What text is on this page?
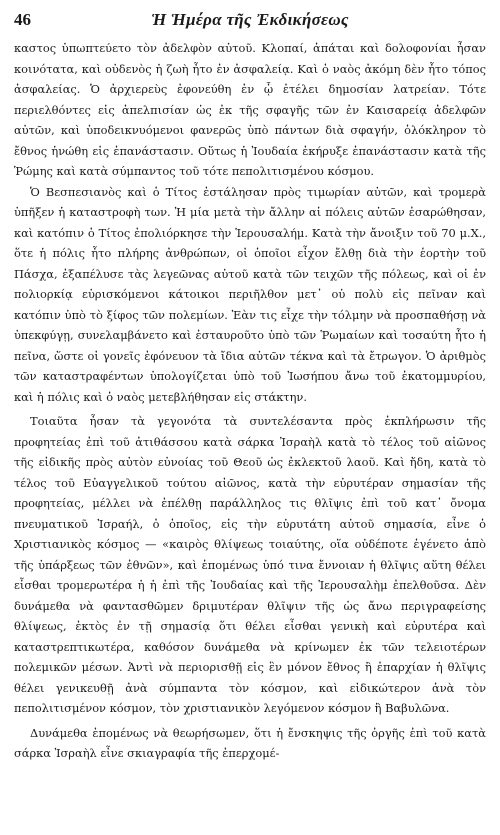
46	Ἡ Ἡμέρα τῆς Ἐκδικήσεως

καστος ὑπωπτεύετο τὸν ἀδελφὸν αὐτοῦ. Κλοπαί, ἀπάται καὶ δολοφονίαι ἦσαν κοινότατα, καὶ οὐδενὸς ἡ ζωὴ ἦτο ἐν ἀσφαλείᾳ. Καὶ ὁ ναὸς ἀκόμη δὲν ἦτο τόπος ἀσφαλείας. Ὁ ἀρχιερεὺς ἐφονεύθη ἐν ᾧ ἐτέλει δημοσίαν λατρείαν. Τότε περιελθόντες εἰς ἀπελπισίαν ὡς ἐκ τῆς σφαγῆς τῶν ἐν Καισαρείᾳ ἀδελφῶν αὐτῶν, καὶ ὑποδεικνυόμενοι φανερῶς ὑπὸ πάντων διὰ σφαγήν, ὁλόκληρον τὸ ἔθνος ἡνώθη εἰς ἐπανάστασιν. Οὕτως ἡ Ἰουδαία ἐκήρυξε ἐπανάστασιν κατὰ τῆς Ῥώμης καὶ κατὰ σύμπαντος τοῦ τότε πεπολιτισμένου κόσμου.

Ὁ Βεσπεσιανὸς καὶ ὁ Τίτος ἐστάλησαν πρὸς τιμωρίαν αὐτῶν, καὶ τρομερὰ ὑπῆξεν ἡ καταστροφὴ των. Ἡ μία μετὰ τὴν ἄλλην αἱ πόλεις αὐτῶν ἐσαρώθησαν, καὶ κατόπιν ὁ Τίτος ἐπολιόρκησε τὴν Ἱερουσαλήμ. Κατὰ τὴν ἄνοιξιν τοῦ 70 μ.Χ., ὅτε ἡ πόλις ἦτο πλήρης ἀνθρώπων, οἱ ὁποῖοι εἶχον ἔλθῃ διὰ τὴν ἑορτὴν τοῦ Πάσχα, ἐξαπέλυσε τὰς λεγεῶνας αὐτοῦ κατὰ τῶν τειχῶν τῆς πόλεως, καὶ οἱ ἐν πολιορκίᾳ εὑρισκόμενοι κάτοικοι περιῆλθον μετ᾽ οὐ πολὺ εἰς πεῖναν καὶ κατόπιν ὑπὸ τὸ ξίφος τῶν πολεμίων. Ἐὰν τις εἶχε τὴν τόλμην νὰ προσπαθήσῃ νὰ ὑπεκφύγῃ, συνελαμβάνετο καὶ ἐσταυροῦτο ὑπὸ τῶν Ῥωμαίων καὶ τοσαύτη ἦτο ἡ πεῖνα, ὥστε οἱ γονεῖς ἐφόνευον τὰ ἴδια αὐτῶν τέκνα καὶ τὰ ἔτρωγον. Ὁ ἀριθμὸς τῶν καταστραφέντων ὑπολογίζεται ὑπὸ τοῦ Ἰωσήπου ἄνω τοῦ ἑκατομμυρίου, καὶ ἡ πόλις καὶ ὁ ναὸς μετεβλήθησαν εἰς στάκτην.

Τοιαῦτα ἦσαν τὰ γεγονότα τὰ συντελέσαντα πρὸς ἐκπλήρωσιν τῆς προφητείας ἐπὶ τοῦ ἀτιθάσσου κατὰ σάρκα Ἰσραὴλ κατὰ τὸ τέλος τοῦ αἰῶνος τῆς εἰδικῆς πρὸς αὐτὸν εὐνοίας τοῦ Θεοῦ ὡς ἐκλεκτοῦ λαοῦ. Καὶ ἤδη, κατὰ τὸ τέλος τοῦ Εὐαγγελικοῦ τούτου αἰῶνος, κατὰ τὴν εὐρυτέραν σημασίαν τῆς προφητείας, μέλλει νὰ ἐπέλθῃ παράλληλος τις θλῖψις ἐπὶ τοῦ κατ᾽ ὄνομα πνευματικοῦ Ἰσραήλ, ὁ ὁποῖος, εἰς τὴν εὐρυτάτη αὐτοῦ σημασία, εἶνε ὁ Χριστιανικὸς κόσμος — «καιρὸς θλίψεως τοιαύτης, οἵα οὐδέποτε ἐγένετο ἀπὸ τῆς ὑπάρξεως τῶν ἐθνῶν», καὶ ἑπομένως ὑπό τινα ἔννοιαν ἡ θλῖψις αὕτη θέλει εἶσθαι τρομερωτέρα ἡ ἡ ἐπὶ τῆς Ἰουδαίας καὶ τῆς Ἱερουσαλὴμ ἐπελθοῦσα. Δὲν δυνάμεθα νὰ φαντασθῶμεν δριμυτέραν θλῖψιν τῆς ὡς ἄνω περιγραφείσης θλίψεως, ἐκτὸς ἐν τῇ σημασίᾳ ὅτι θέλει εἶσθαι γενικὴ καὶ εὐρυτέρα καὶ καταστρεπτικωτέρα, καθόσον δυνάμεθα νὰ κρίνωμεν ἐκ τῶν τελειοτέρων πολεμικῶν μέσων. Ἀντὶ νὰ περιορισθῇ εἰς ἓν μόνον ἔθνος ἢ ἐπαρχίαν ἡ θλῖψις θέλει γενικευθῇ ἀνὰ σύμπαντα τὸν κόσμον, καὶ εἰδικώτερον ἀνὰ τὸν πεπολιτισμένον κόσμον, τὸν χριστιανικὸν λεγόμενον κόσμον ἢ Βαβυλῶνα.

Δυνάμεθα ἑπομένως νὰ θεωρήσωμεν, ὅτι ἡ ἔνσκηψις τῆς ὀργῆς ἐπὶ τοῦ κατὰ σάρκα Ἰσραὴλ εἶνε σκιαγραφία τῆς ἐπερχομέ-
